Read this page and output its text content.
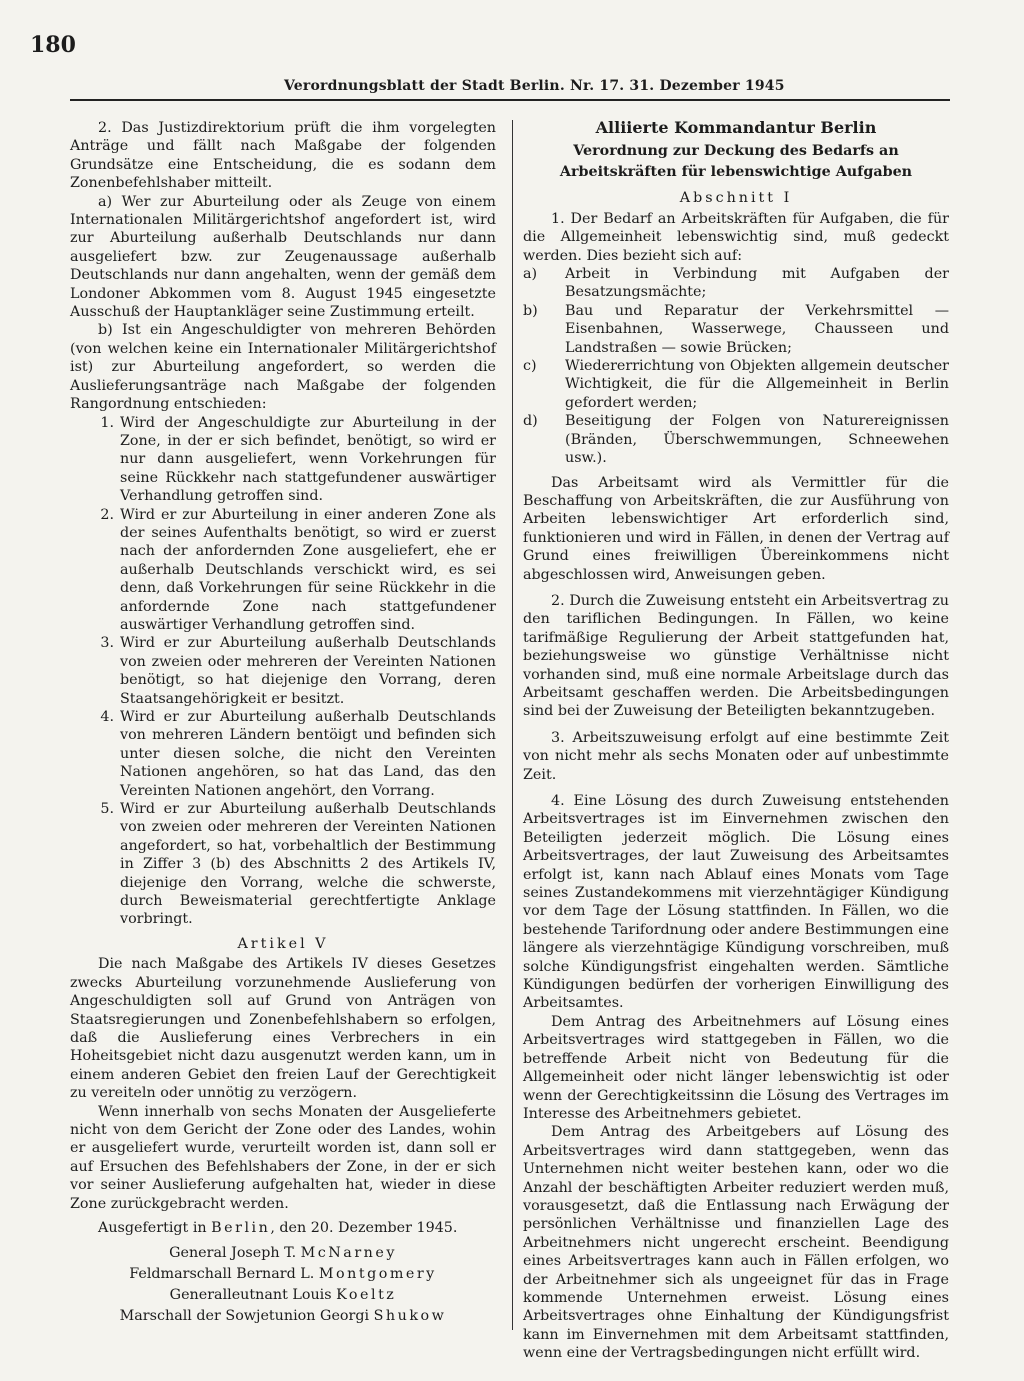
180
Verordnungsblatt der Stadt Berlin. Nr. 17. 31. Dezember 1945

2. Das Justizdirektorium prüft die ihm vorgelegten Anträge und fällt nach Maßgabe der folgenden Grundsätze eine Entscheidung, die es sodann dem Zonenbefehlshaber mitteilt.

a) Wer zur Aburteilung oder als Zeuge von einem Internationalen Militärgerichtshof angefordert ist, wird zur Aburteilung außerhalb Deutschlands nur dann ausgeliefert bzw. zur Zeugenaussage außerhalb Deutschlands nur dann angehalten, wenn der gemäß dem Londoner Abkommen vom 8. August 1945 eingesetzte Ausschuß der Hauptankläger seine Zustimmung erteilt.

b) Ist ein Angeschuldigter von mehreren Behörden (von welchen keine ein Internationaler Militärgerichtshof ist) zur Aburteilung angefordert, so werden die Auslieferungsanträge nach Maßgabe der folgenden Rangordnung entschieden:

1. Wird der Angeschuldigte zur Aburteilung in der Zone, in der er sich befindet, benötigt, so wird er nur dann ausgeliefert, wenn Vorkehrungen für seine Rückkehr nach stattgefundener auswärtiger Verhandlung getroffen sind.
2. Wird er zur Aburteilung in einer anderen Zone als der seines Aufenthalts benötigt, so wird er zuerst nach der anfordernden Zone ausgeliefert, ehe er außerhalb Deutschlands verschickt wird, es sei denn, daß Vorkehrungen für seine Rückkehr in die anfordernde Zone nach stattgefundener auswärtiger Verhandlung getroffen sind.
3. Wird er zur Aburteilung außerhalb Deutschlands von zweien oder mehreren der Vereinten Nationen benötigt, so hat diejenige den Vorrang, deren Staatsangehörigkeit er besitzt.
4. Wird er zur Aburteilung außerhalb Deutschlands von mehreren Ländern bentöigt und befinden sich unter diesen solche, die nicht den Vereinten Nationen angehören, so hat das Land, das den Vereinten Nationen angehört, den Vorrang.
5. Wird er zur Aburteilung außerhalb Deutschlands von zweien oder mehreren der Vereinten Nationen angefordert, so hat, vorbehaltlich der Bestimmung in Ziffer 3 (b) des Abschnitts 2 des Artikels IV, diejenige den Vorrang, welche die schwerste, durch Beweismaterial gerechtfertigte Anklage vorbringt.
Artikel V

Die nach Maßgabe des Artikels IV dieses Gesetzes zwecks Aburteilung vorzunehmende Auslieferung von Angeschuldigten soll auf Grund von Anträgen von Staatsregierungen und Zonenbefehlshabern so erfolgen, daß die Auslieferung eines Verbrechers in ein Hoheitsgebiet nicht dazu ausgenutzt werden kann, um in einem anderen Gebiet den freien Lauf der Gerechtigkeit zu vereiteln oder unnötig zu verzögern.

Wenn innerhalb von sechs Monaten der Ausgelieferte nicht von dem Gericht der Zone oder des Landes, wohin er ausgeliefert wurde, verurteilt worden ist, dann soll er auf Ersuchen des Befehlshabers der Zone, in der er sich vor seiner Auslieferung aufgehalten hat, wieder in diese Zone zurückgebracht werden.

Ausgefertigt in Berlin, den 20. Dezember 1945.

General Joseph T. McNarney
Feldmarschall Bernard L. Montgomery
Generalleutnant Louis Koeltz
Marschall der Sowjetunion Georgi Shukow
Alliierte Kommandantur Berlin
Verordnung zur Deckung des Bedarfs an Arbeitskräften für lebenswichtige Aufgaben
Abschnitt I

1. Der Bedarf an Arbeitskräften für Aufgaben, die für die Allgemeinheit lebenswichtig sind, muß gedeckt werden. Dies bezieht sich auf:

a)	Arbeit in Verbindung mit Aufgaben der Besatzungsmächte;
b)	Bau und Reparatur der Verkehrsmittel — Eisenbahnen, Wasserwege, Chausseen und Landstraßen — sowie Brücken;
c)	Wiedererrichtung von Objekten allgemein deutscher Wichtigkeit, die für die Allgemeinheit in Berlin gefordert werden;
d)	Beseitigung der Folgen von Naturereignissen (Bränden, Überschwemmungen, Schneewehen usw.).

Das Arbeitsamt wird als Vermittler für die Beschaffung von Arbeitskräften, die zur Ausführung von Arbeiten lebenswichtiger Art erforderlich sind, funktionieren und wird in Fällen, in denen der Vertrag auf Grund eines freiwilligen Übereinkommens nicht abgeschlossen wird, Anweisungen geben.

2. Durch die Zuweisung entsteht ein Arbeitsvertrag zu den tariflichen Bedingungen. In Fällen, wo keine tarifmäßige Regulierung der Arbeit stattgefunden hat, beziehungsweise wo günstige Verhältnisse nicht vorhanden sind, muß eine normale Arbeitslage durch das Arbeitsamt geschaffen werden. Die Arbeitsbedingungen sind bei der Zuweisung der Beteiligten bekanntzugeben.

3. Arbeitszuweisung erfolgt auf eine bestimmte Zeit von nicht mehr als sechs Monaten oder auf unbestimmte Zeit.

4. Eine Lösung des durch Zuweisung entstehenden Arbeitsvertrages ist im Einvernehmen zwischen den Beteiligten jederzeit möglich. Die Lösung eines Arbeitsvertrages, der laut Zuweisung des Arbeitsamtes erfolgt ist, kann nach Ablauf eines Monats vom Tage seines Zustandekommens mit vierzehntägiger Kündigung vor dem Tage der Lösung stattfinden. In Fällen, wo die bestehende Tarifordnung oder andere Bestimmungen eine längere als vierzehntägige Kündigung vorschreiben, muß solche Kündigungsfrist eingehalten werden. Sämtliche Kündigungen bedürfen der vorherigen Einwilligung des Arbeitsamtes.

Dem Antrag des Arbeitnehmers auf Lösung eines Arbeitsvertrages wird stattgegeben in Fällen, wo die betreffende Arbeit nicht von Bedeutung für die Allgemeinheit oder nicht länger lebenswichtig ist oder wenn der Gerechtigkeitssinn die Lösung des Vertrages im Interesse des Arbeitnehmers gebietet.

Dem Antrag des Arbeitgebers auf Lösung des Arbeitsvertrages wird dann stattgegeben, wenn das Unternehmen nicht weiter bestehen kann, oder wo die Anzahl der beschäftigten Arbeiter reduziert werden muß, vorausgesetzt, daß die Entlassung nach Erwägung der persönlichen Verhältnisse und finanziellen Lage des Arbeitnehmers nicht ungerecht erscheint. Beendigung eines Arbeitsvertrages kann auch in Fällen erfolgen, wo der Arbeitnehmer sich als ungeeignet für das in Frage kommende Unternehmen erweist. Lösung eines Arbeitsvertrages ohne Einhaltung der Kündigungsfrist kann im Einvernehmen mit dem Arbeitsamt stattfinden, wenn eine der Vertragsbedingungen nicht erfüllt wird.
